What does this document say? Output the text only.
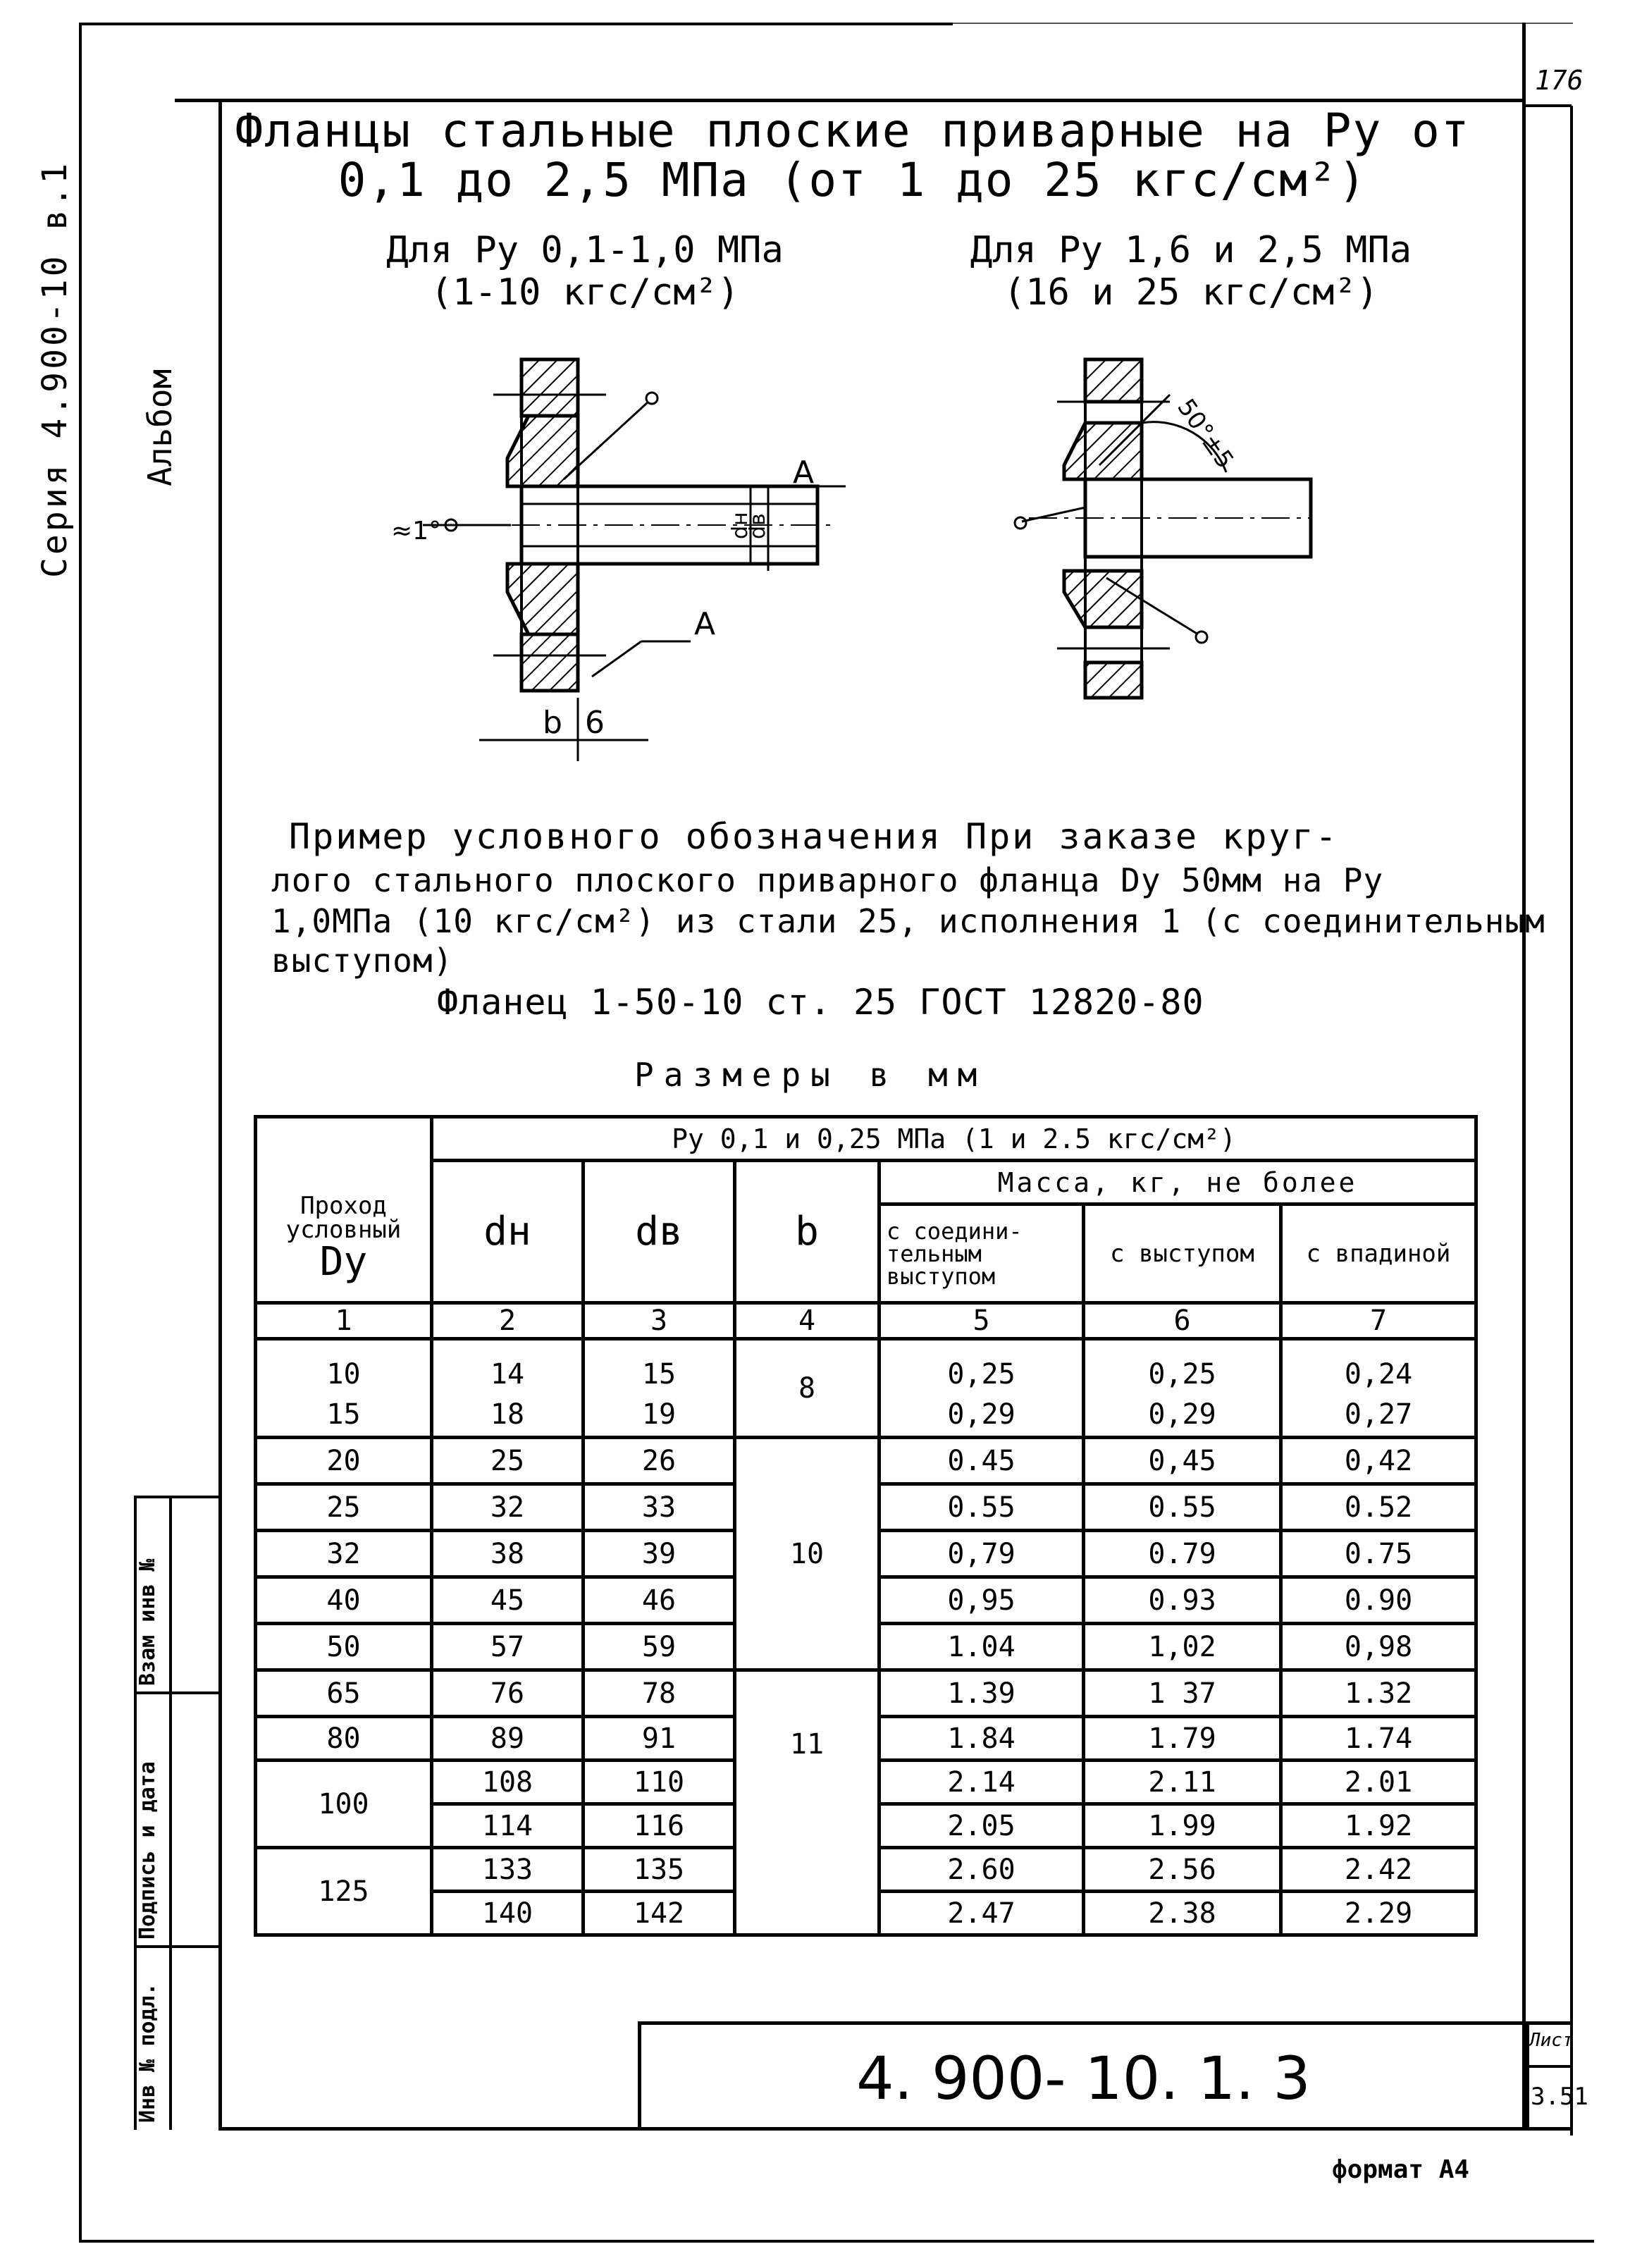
176
Серия 4.900-10 в.1 Альбом
Фланцы стальные плоские приварные на Ру от
0,1 до 2,5 МПа (от 1 до 25 кгс/см²)
Для Ру 0,1-1,0 МПа
(1-10 кгс/см²)
Для Ру 1,6 и 2,5 МПа
(16 и 25 кгс/см²)
А
А
≈1°	dн
dв
b 6
50°±5
Пример условного обозначения При заказе круг-
лого стального плоского приварного фланца Dy 50мм на Ру
1,0МПа (10 кгс/см²) из стали 25, исполнения 1 (с соединительным
выступом)
Фланец 1-50-10 ст. 25 ГОСТ 12820-80
Размеры в мм
Проход условный
Dy	Ру 0,1 и 0,25 МПа (1 и 2.5 кгс/см²)					
	dн	dв	b	Масса, кг, не более		
				с соедини-тельным выступом	с выступом	с впадиной
1	2	3	4	5	6	7
10	14	15	8	0,25	0,25	0,24
15	18	19		0,29	0,29	0,27
20	25	26	10	0.45	0,45	0,42
25	32	33		0.55	0.55	0.52
32	38	39		0,79	0.79	0.75
40	45	46		0,95	0.93	0.90
50	57	59		1.04	1,02	0,98
65	76	78	11	1.39	1 37	1.32
80	89	91		1.84	1.79	1.74
100	108	110		2.14	2.11	2.01
	114	116		2.05	1.99	1.92
125	133	135		2.60	2.56	2.42
	140	142		2.47	2.38	2.29
Взам инв №
Подпись и дата
Инв № подл.	4. 900- 10. 1. 3
Лист
3.51
формат А4
